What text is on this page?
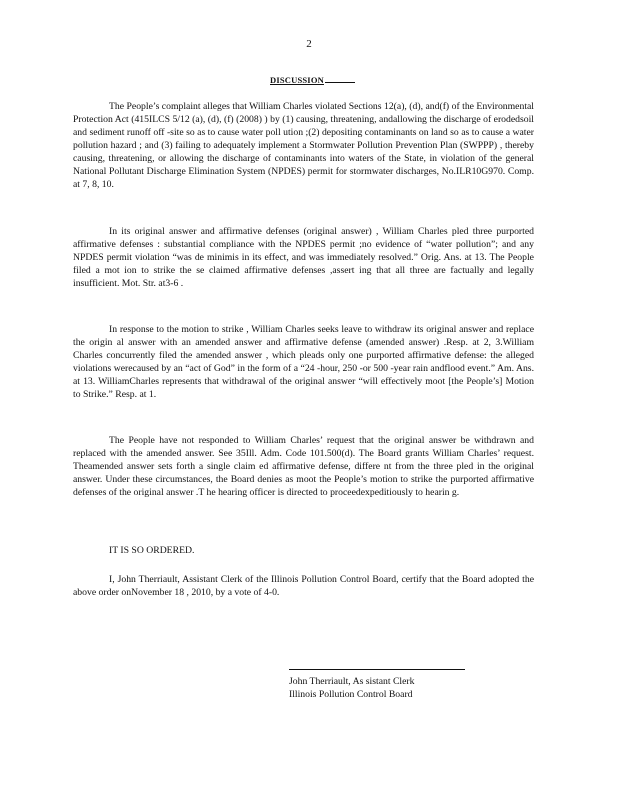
2
DISCUSSION

The People’s complaint alleges that William Charles violated Sections 12(a), (d), and(f) of the Environmental Protection Act (415ILCS 5/12 (a), (d), (f) (2008) ) by (1) causing, threatening, andallowing the discharge of erodedsoil and sediment runoff off -site so as to cause water poll ution ;(2) depositing contaminants on land so as to cause a water pollution hazard ; and (3) failing to adequately implement a Stormwater Pollution Prevention Plan (SWPPP) , thereby causing, threatening, or allowing the discharge of contaminants into waters of the State, in violation of the general National Pollutant Discharge Elimination System (NPDES) permit for stormwater discharges, No.ILR10G970. Comp. at 7, 8, 10.

In its original answer and affirmative defenses (original answer) , William Charles pled three purported affirmative defenses : substantial compliance with the NPDES permit ;no evidence of “water pollution”; and any NPDES permit violation “was de minimis in its effect, and was immediately resolved.” Orig. Ans. at 13. The People filed a mot ion to strike the se claimed affirmative defenses ,assert ing that all three are factually and legally insufficient. Mot. Str. at3-6 .

In response to the motion to strike , William Charles seeks leave to withdraw its original answer and replace the origin al answer with an amended answer and affirmative defense (amended answer) .Resp. at 2, 3.William Charles concurrently filed the amended answer , which pleads only one purported affirmative defense: the alleged violations werecaused by an “act of God” in the form of a “24 -hour, 250 -or 500 -year rain andflood event.” Am. Ans. at 13. WilliamCharles represents that withdrawal of the original answer “will effectively moot [the People’s] Motion to Strike.” Resp. at 1.

The People have not responded to William Charles’ request that the original answer be withdrawn and replaced with the amended answer. See 35Ill. Adm. Code 101.500(d). The Board grants William Charles’ request. Theamended answer sets forth a single claim ed affirmative defense, differe nt from the three pled in the original answer. Under these circumstances, the Board denies as moot the People’s motion to strike the purported affirmative defenses of the original answer .T he hearing officer is directed to proceedexpeditiously to hearin g.

IT IS SO ORDERED.

I, John Therriault, Assistant Clerk of the Illinois Pollution Control Board, certify that the Board adopted the above order onNovember 18 , 2010, by a vote of 4-0.

John Therriault, As sistant Clerk
Illinois Pollution Control Board
